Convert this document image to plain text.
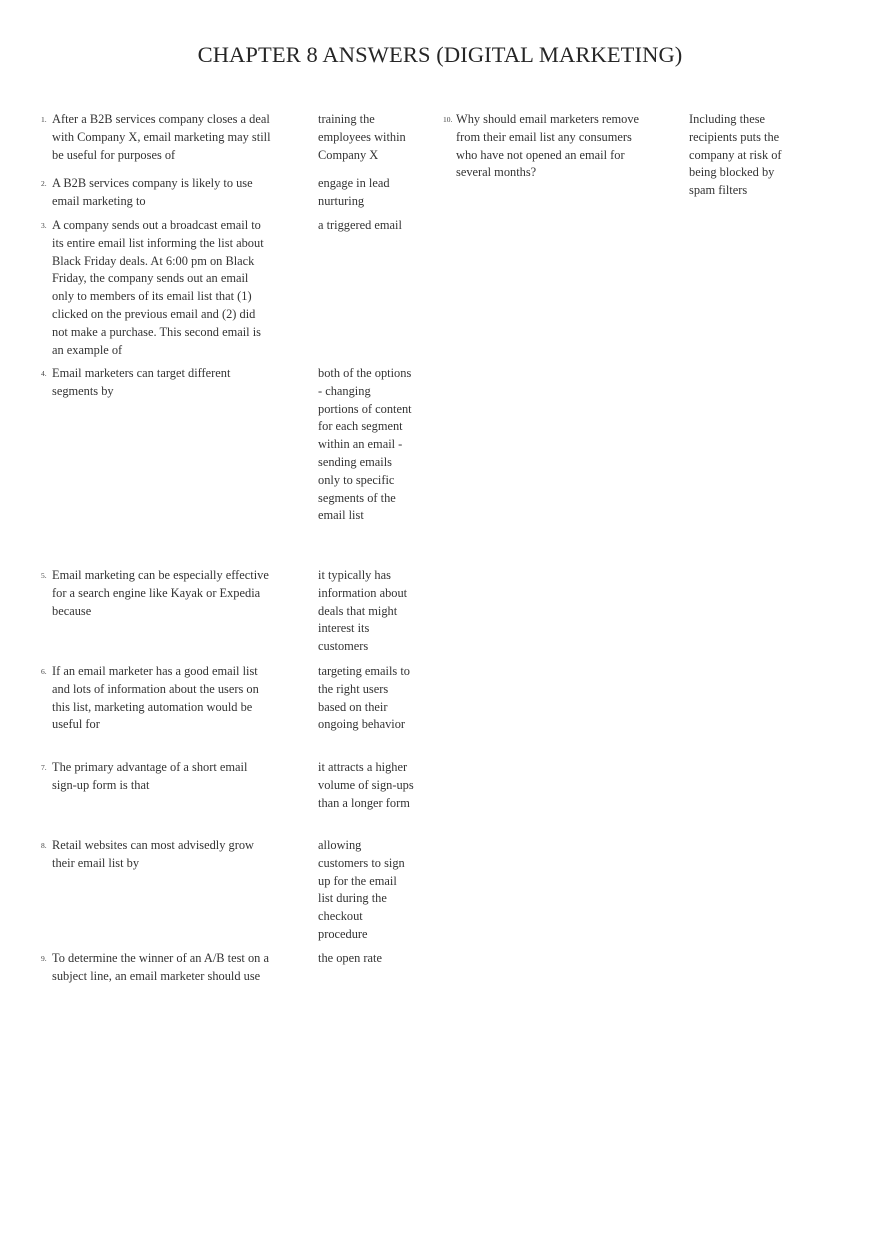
CHAPTER 8 ANSWERS (DIGITAL MARKETING)
1. After a B2B services company closes a deal with Company X, email marketing may still be useful for purposes of
2. A B2B services company is likely to use email marketing to
3. A company sends out a broadcast email to its entire email list informing the list about Black Friday deals. At 6:00 pm on Black Friday, the company sends out an email only to members of its email list that (1) clicked on the previous email and (2) did not make a purchase. This second email is an example of
4. Email marketers can target different segments by
5. Email marketing can be especially effective for a search engine like Kayak or Expedia because
6. If an email marketer has a good email list and lots of information about the users on this list, marketing automation would be useful for
7. The primary advantage of a short email sign-up form is that
8. Retail websites can most advisedly grow their email list by
9. To determine the winner of an A/B test on a subject line, an email marketer should use
training the employees within Company X
engage in lead nurturing
a triggered email
both of the options - changing portions of content for each segment within an email - sending emails only to specific segments of the email list
it typically has information about deals that might interest its customers
targeting emails to the right users based on their ongoing behavior
it attracts a higher volume of sign-ups than a longer form
allowing customers to sign up for the email list during the checkout procedure
the open rate
10. Why should email marketers remove from their email list any consumers who have not opened an email for several months?
Including these recipients puts the company at risk of being blocked by spam filters
